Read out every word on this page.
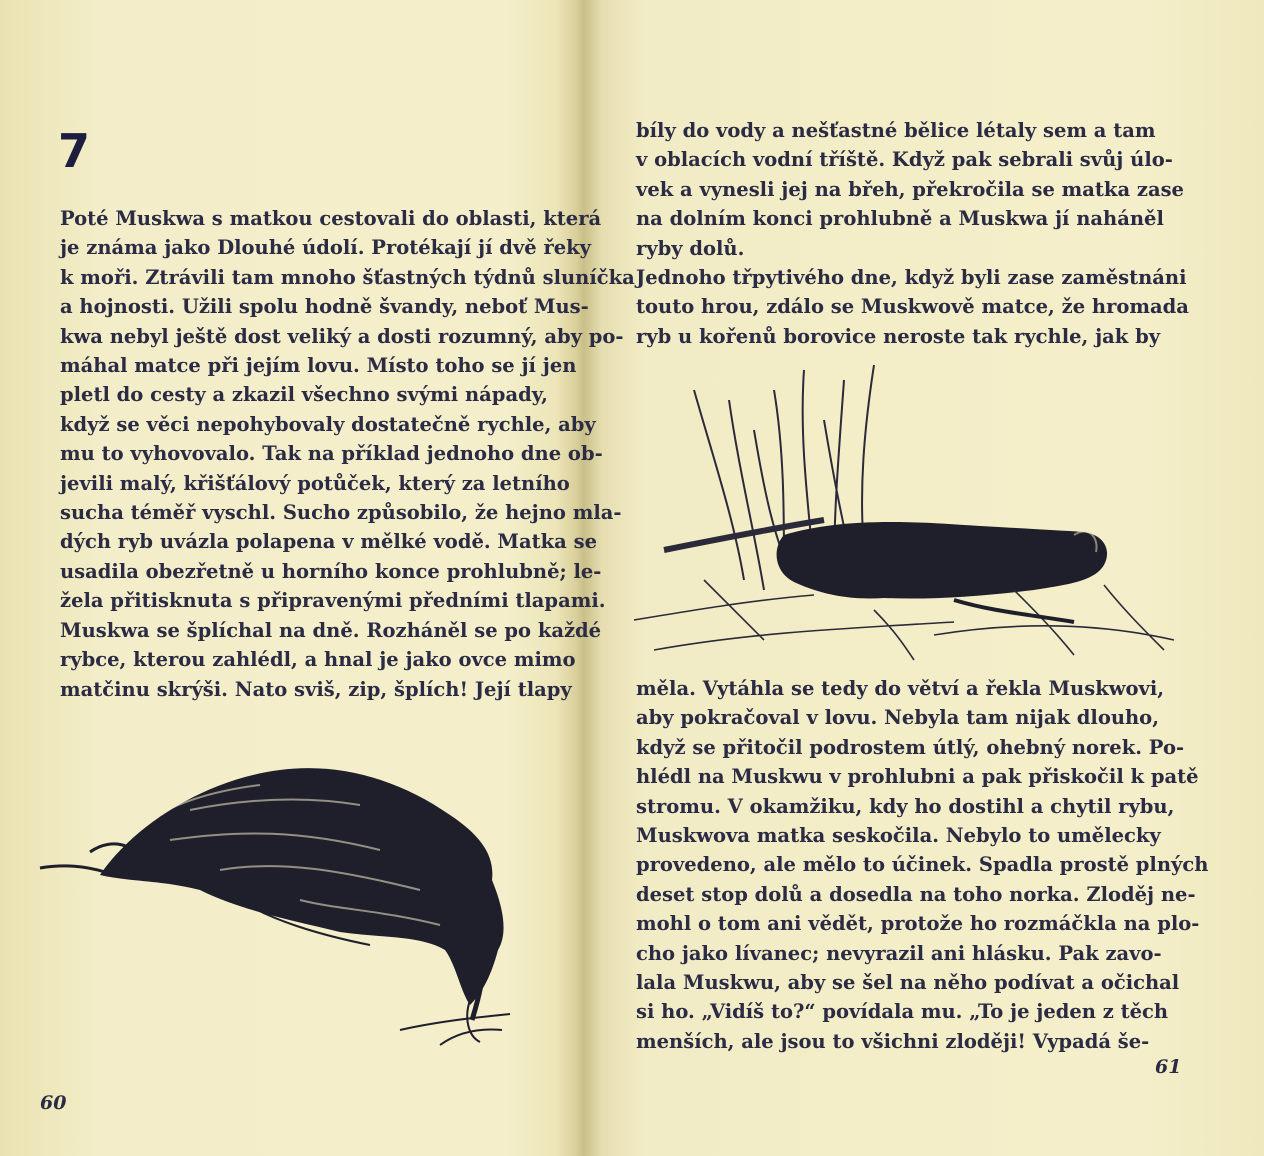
7
Poté Muskwa s matkou cestovali do oblasti, která
je známa jako Dlouhé údolí. Protékají jí dvě řeky
k moři. Ztrávili tam mnoho šťastných týdnů sluníčka
a hojnosti. Užili spolu hodně švandy, neboť Mus-
kwa nebyl ještě dost veliký a dosti rozumný, aby po-
máhal matce při jejím lovu. Místo toho se jí jen
pletl do cesty a zkazil všechno svými nápady,
když se věci nepohybovaly dostatečně rychle, aby
mu to vyhovovalo. Tak na příklad jednoho dne ob-
jevili malý, křišťálový potůček, který za letního
sucha téměř vyschl. Sucho způsobilo, že hejno mla-
dých ryb uvázla polapena v mělké vodě. Matka se
usadila obezřetně u horního konce prohlubně; le-
žela přitisknuta s připravenými předními tlapami.
Muskwa se šplíchal na dně. Rozháněl se po každé
rybce, kterou zahlédl, a hnal je jako ovce mimo
matčinu skrýši. Nato sviš, zip, šplích! Její tlapy
60
bíly do vody a nešťastné bělice létaly sem a tam
v oblacích vodní tříště. Když pak sebrali svůj úlo-
vek a vynesli jej na břeh, překročila se matka zase
na dolním konci prohlubně a Muskwa jí naháněl
ryby dolů.
Jednoho třpytivého dne, když byli zase zaměstnáni
touto hrou, zdálo se Muskwově matce, že hromada
ryb u kořenů borovice neroste tak rychle, jak by
měla. Vytáhla se tedy do větví a řekla Muskwovi,
aby pokračoval v lovu. Nebyla tam nijak dlouho,
když se přitočil podrostem útlý, ohebný norek. Po-
hlédl na Muskwu v prohlubni a pak přiskočil k patě
stromu. V okamžiku, kdy ho dostihl a chytil rybu,
Muskwova matka seskočila. Nebylo to umělecky
provedeno, ale mělo to účinek. Spadla prostě plných
deset stop dolů a dosedla na toho norka. Zloděj ne-
mohl o tom ani vědět, protože ho rozmáčkla na plo-
cho jako lívanec; nevyrazil ani hlásku. Pak zavo-
lala Muskwu, aby se šel na něho podívat a očichal
si ho. „Vidíš to?“ povídala mu. „To je jeden z těch
menších, ale jsou to všichni zloději! Vypadá še-
61
